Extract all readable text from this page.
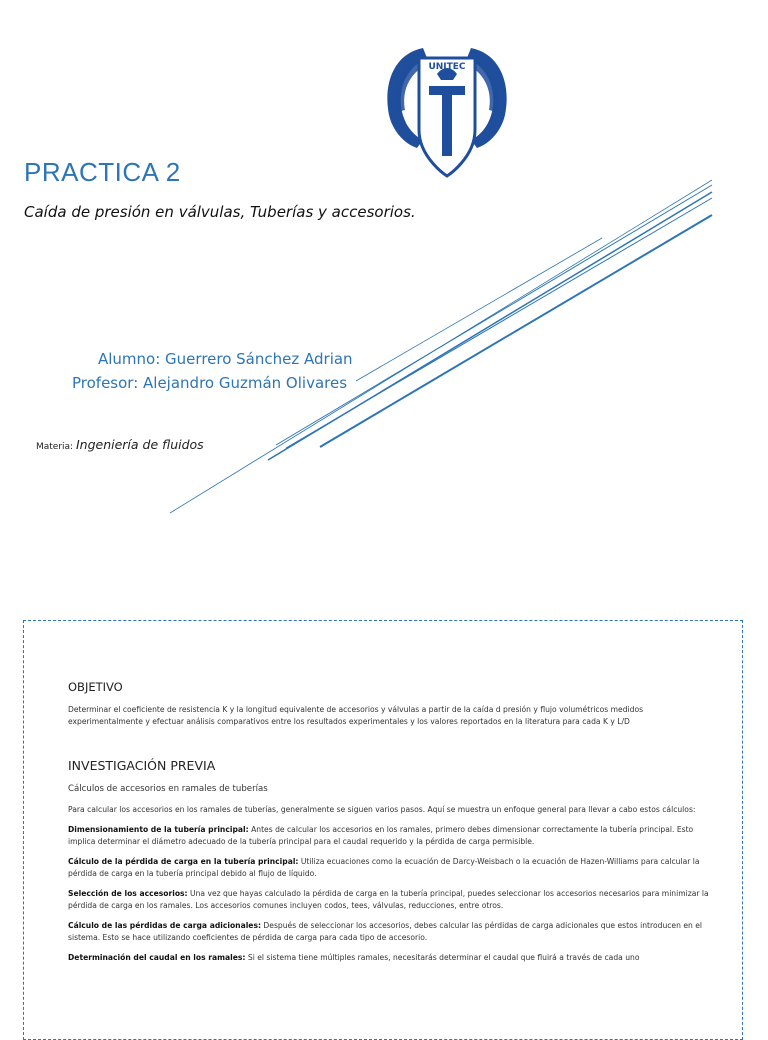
UNITEC
PRACTICA 2
Caída de presión en válvulas, Tuberías y accesorios.
Alumno: Guerrero Sánchez Adrian
Profesor: Alejandro Guzmán Olivares
Materia: Ingeniería de fluidos
OBJETIVO

Determinar el coeficiente de resistencia K y la longitud equivalente de accesorios y válvulas a partir de la caída d presión y flujo volumétricos medidos experimentalmente y efectuar análisis comparativos entre los resultados experimentales y los valores reportados en la literatura para cada K y L/D

INVESTIGACIÓN PREVIA

Cálculos de accesorios en ramales de tuberías

Para calcular los accesorios en los ramales de tuberías, generalmente se siguen varios pasos. Aquí se muestra un enfoque general para llevar a cabo estos cálculos:

Dimensionamiento de la tubería principal: Antes de calcular los accesorios en los ramales, primero debes dimensionar correctamente la tubería principal. Esto implica determinar el diámetro adecuado de la tubería principal para el caudal requerido y la pérdida de carga permisible.

Cálculo de la pérdida de carga en la tubería principal: Utiliza ecuaciones como la ecuación de Darcy-Weisbach o la ecuación de Hazen-Williams para calcular la pérdida de carga en la tubería principal debido al flujo de líquido.

Selección de los accesorios: Una vez que hayas calculado la pérdida de carga en la tubería principal, puedes seleccionar los accesorios necesarios para minimizar la pérdida de carga en los ramales. Los accesorios comunes incluyen codos, tees, válvulas, reducciones, entre otros.

Cálculo de las pérdidas de carga adicionales: Después de seleccionar los accesorios, debes calcular las pérdidas de carga adicionales que estos introducen en el sistema. Esto se hace utilizando coeficientes de pérdida de carga para cada tipo de accesorio.

Determinación del caudal en los ramales: Si el sistema tiene múltiples ramales, necesitarás determinar el caudal que fluirá a través de cada uno
